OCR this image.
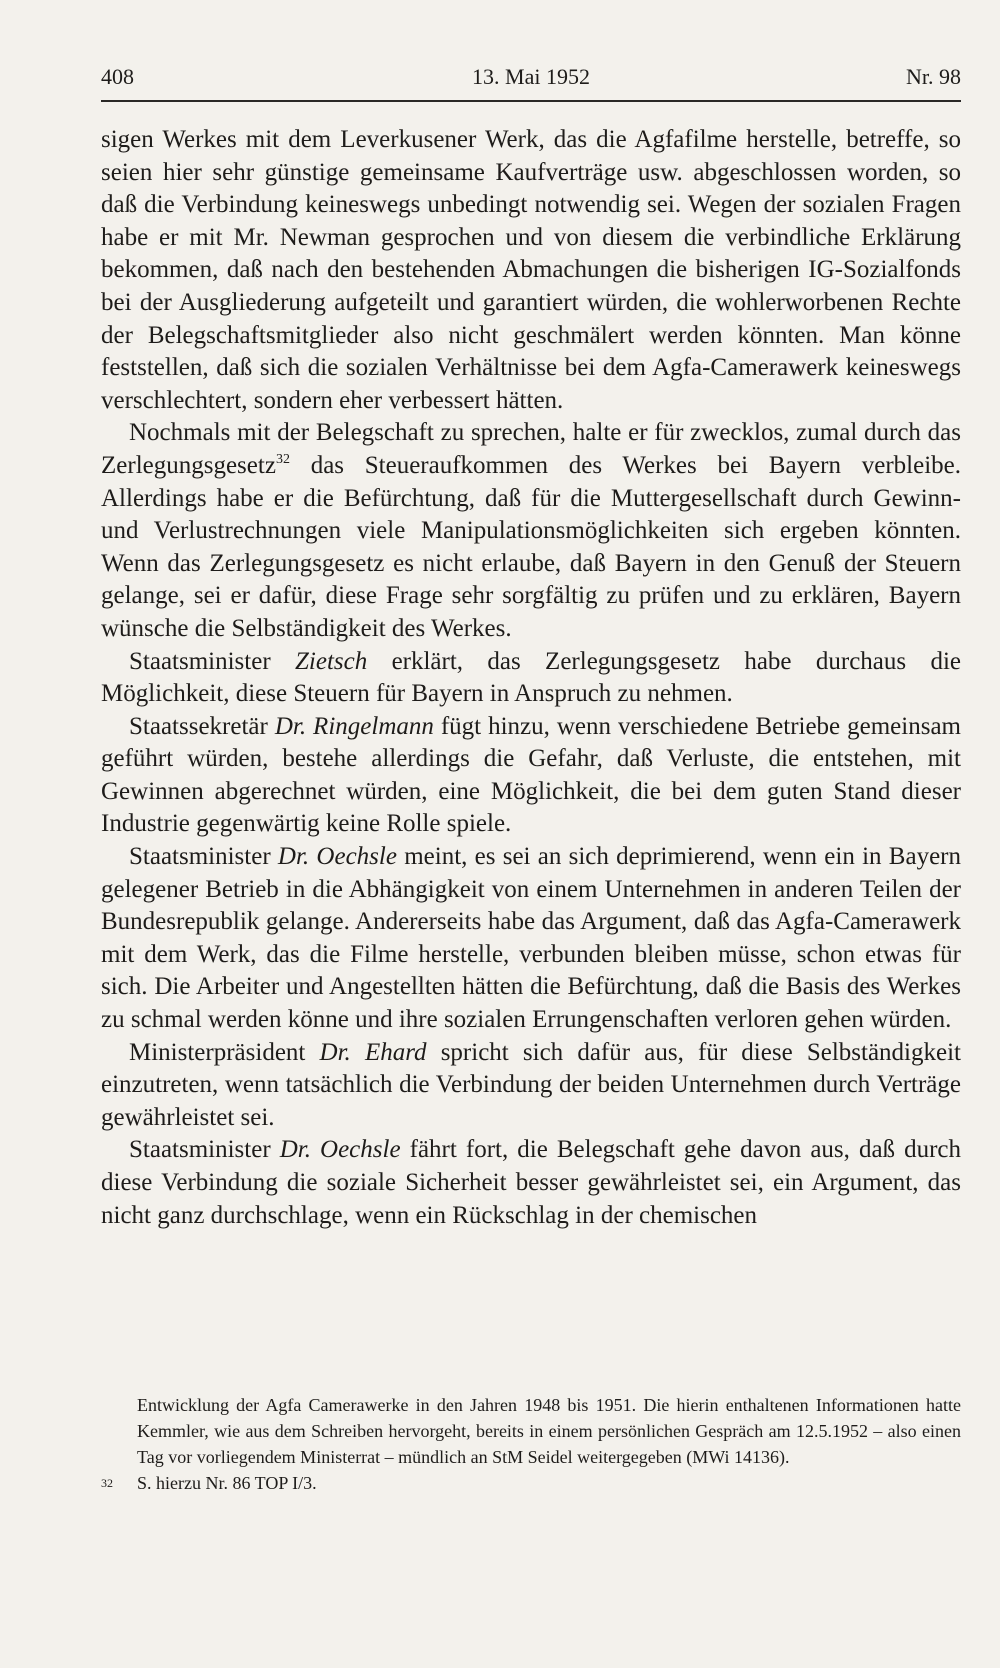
408	13. Mai 1952	Nr. 98

sigen Werkes mit dem Leverkusener Werk, das die Agfafilme herstelle, betreffe, so seien hier sehr günstige gemeinsame Kaufverträge usw. abgeschlossen worden, so daß die Verbindung keineswegs unbedingt notwendig sei. Wegen der sozialen Fragen habe er mit Mr. Newman gesprochen und von diesem die verbindliche Erklärung bekommen, daß nach den bestehenden Abmachungen die bisherigen IG-Sozialfonds bei der Ausgliederung aufgeteilt und garantiert würden, die wohlerworbenen Rechte der Belegschaftsmitglieder also nicht geschmälert werden könnten. Man könne feststellen, daß sich die sozialen Verhältnisse bei dem Agfa-Camerawerk keineswegs verschlechtert, sondern eher verbessert hätten.

Nochmals mit der Belegschaft zu sprechen, halte er für zwecklos, zumal durch das Zerlegungsgesetz$^{32}$ das Steueraufkommen des Werkes bei Bayern verbleibe. Allerdings habe er die Befürchtung, daß für die Muttergesellschaft durch Gewinn- und Verlustrechnungen viele Manipulationsmöglichkeiten sich ergeben könnten. Wenn das Zerlegungsgesetz es nicht erlaube, daß Bayern in den Genuß der Steuern gelange, sei er dafür, diese Frage sehr sorgfältig zu prüfen und zu erklären, Bayern wünsche die Selbständigkeit des Werkes.

Staatsminister Zietsch erklärt, das Zerlegungsgesetz habe durchaus die Möglichkeit, diese Steuern für Bayern in Anspruch zu nehmen.

Staatssekretär Dr. Ringelmann fügt hinzu, wenn verschiedene Betriebe gemeinsam geführt würden, bestehe allerdings die Gefahr, daß Verluste, die entstehen, mit Gewinnen abgerechnet würden, eine Möglichkeit, die bei dem guten Stand dieser Industrie gegenwärtig keine Rolle spiele.

Staatsminister Dr. Oechsle meint, es sei an sich deprimierend, wenn ein in Bayern gelegener Betrieb in die Abhängigkeit von einem Unternehmen in anderen Teilen der Bundesrepublik gelange. Andererseits habe das Argument, daß das Agfa-Camerawerk mit dem Werk, das die Filme herstelle, verbunden bleiben müsse, schon etwas für sich. Die Arbeiter und Angestellten hätten die Befürchtung, daß die Basis des Werkes zu schmal werden könne und ihre sozialen Errungenschaften verloren gehen würden.

Ministerpräsident Dr. Ehard spricht sich dafür aus, für diese Selbständigkeit einzutreten, wenn tatsächlich die Verbindung der beiden Unternehmen durch Verträge gewährleistet sei.

Staatsminister Dr. Oechsle fährt fort, die Belegschaft gehe davon aus, daß durch diese Verbindung die soziale Sicherheit besser gewährleistet sei, ein Argument, das nicht ganz durchschlage, wenn ein Rückschlag in der chemischen

Entwicklung der Agfa Camerawerke in den Jahren 1948 bis 1951. Die hierin enthaltenen Informationen hatte Kemmler, wie aus dem Schreiben hervorgeht, bereits in einem persönlichen Gespräch am 12.5.1952 – also einen Tag vor vorliegendem Ministerrat – mündlich an StM Seidel weitergegeben (MWi 14136).

$^{32}$	S. hierzu Nr. 86 TOP I/3.
